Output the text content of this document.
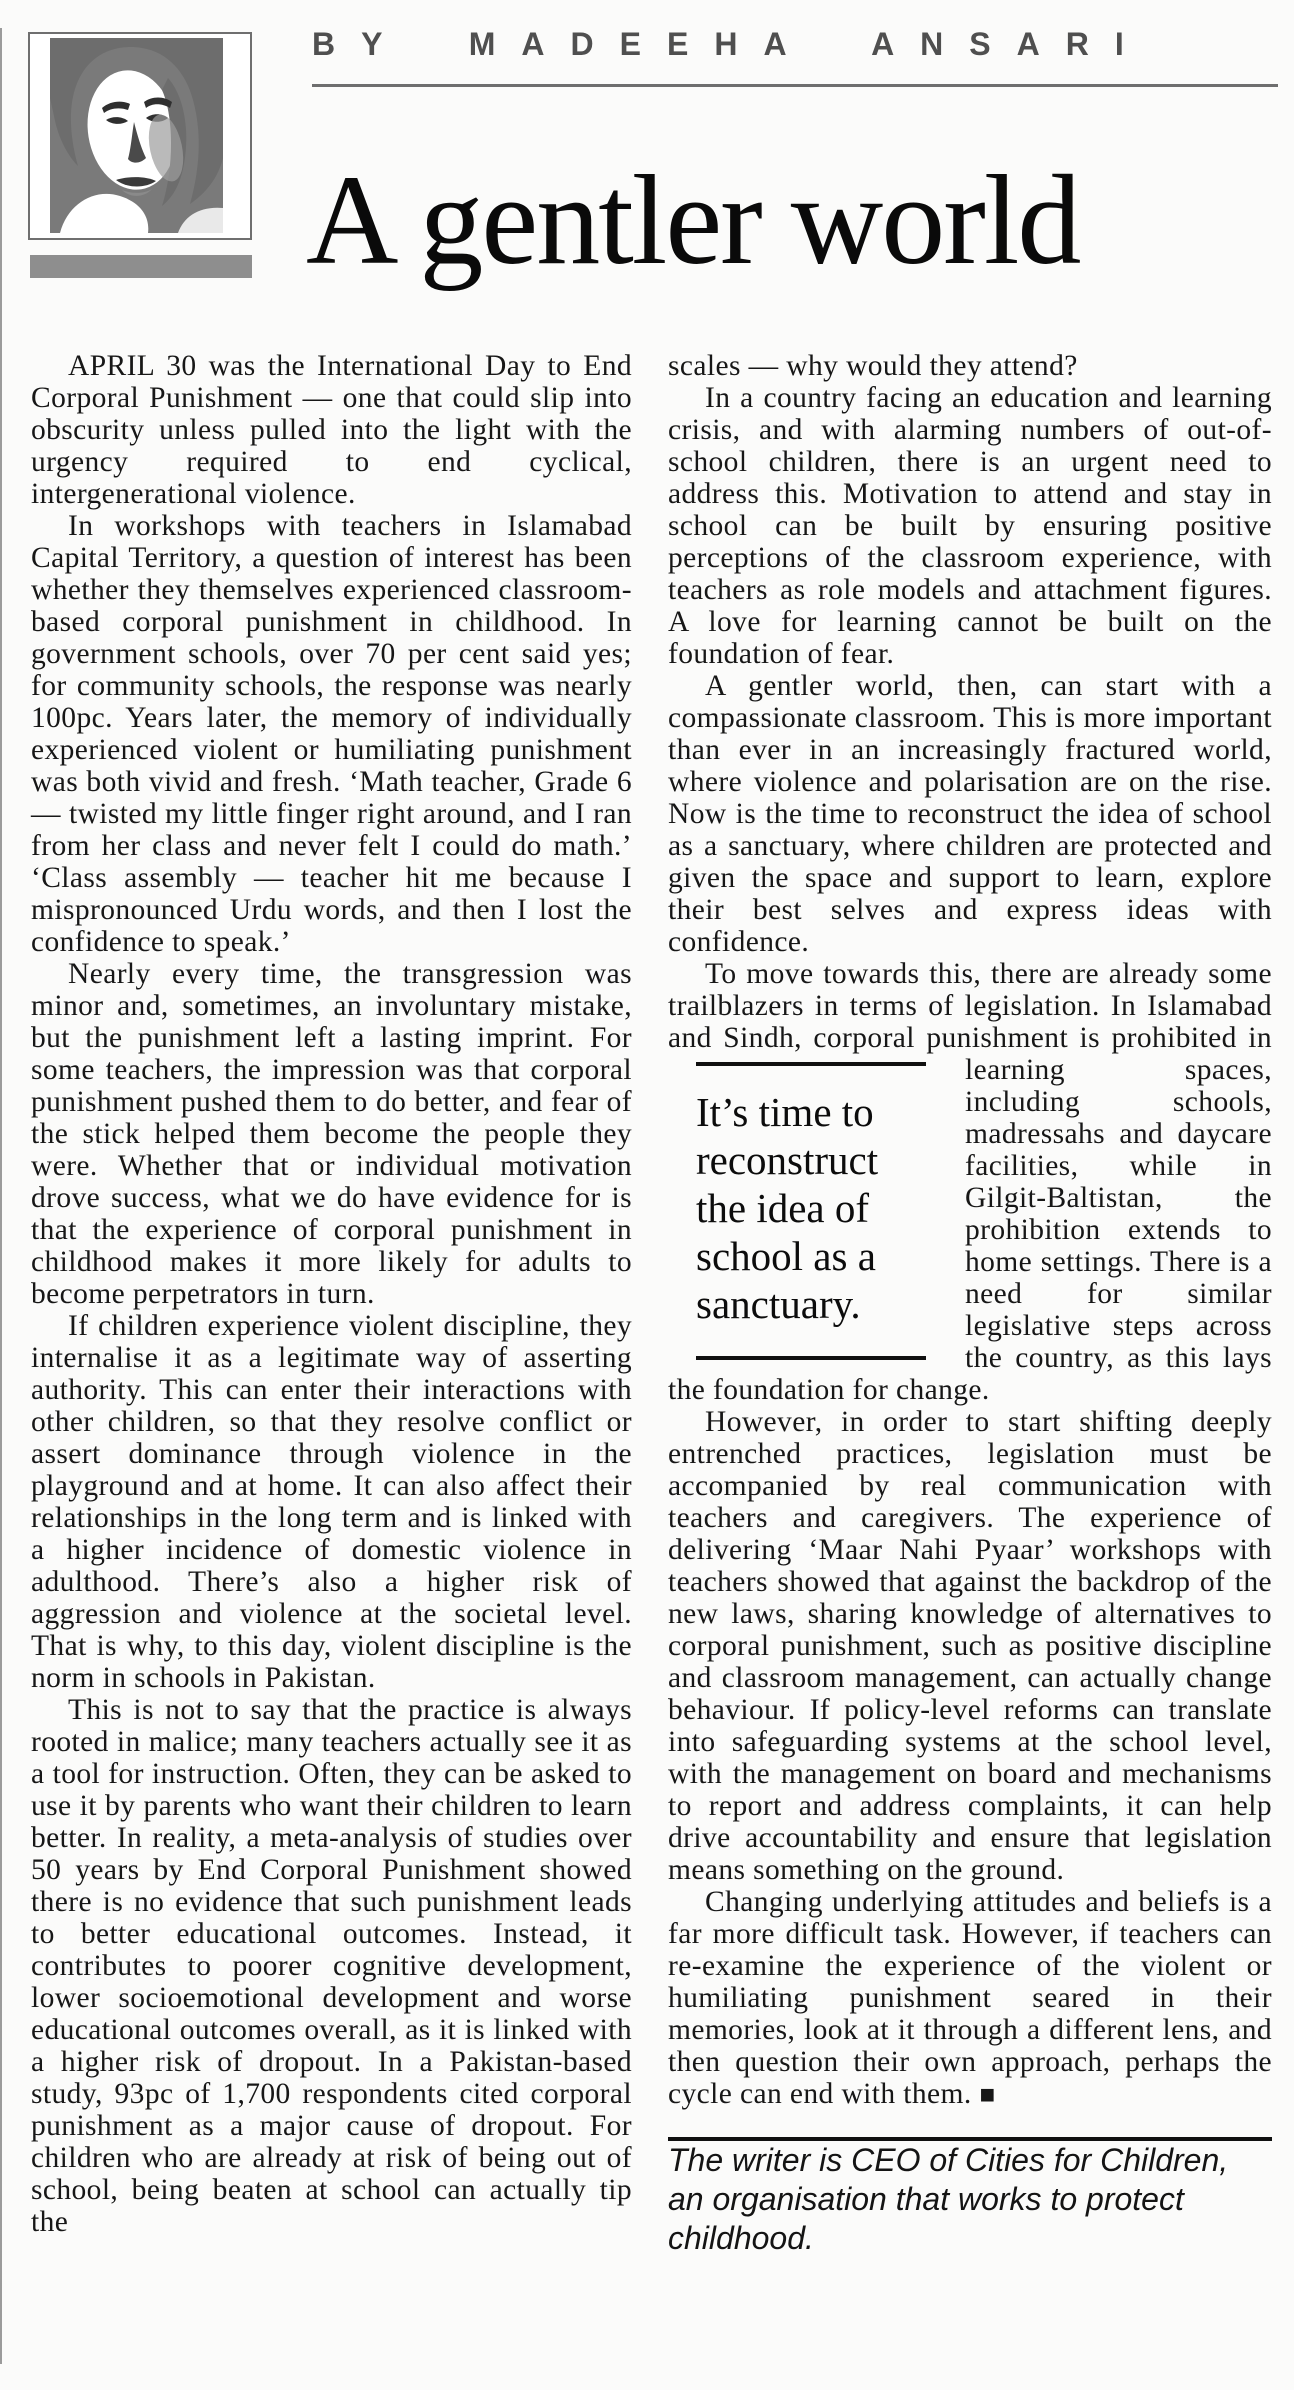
BY MADEEHA ANSARI
A gentler world

APRIL 30 was the International Day to End Corporal Punishment — one that could slip into obscurity unless pulled into the light with the urgency required to end cyclical, intergenerational violence.

In workshops with teachers in Islamabad Capital Territory, a question of interest has been whether they themselves experienced classroom-based corporal punishment in childhood. In government schools, over 70 per cent said yes; for community schools, the response was nearly 100pc. Years later, the memory of individually experienced violent or humiliating punishment was both vivid and fresh. ‘Math teacher, Grade 6 — twisted my little finger right around, and I ran from her class and never felt I could do math.’ ‘Class assembly — teacher hit me because I mispronounced Urdu words, and then I lost the confidence to speak.’

Nearly every time, the transgression was minor and, sometimes, an involuntary mistake, but the punishment left a lasting imprint. For some teachers, the impression was that corporal punishment pushed them to do better, and fear of the stick helped them become the people they were. Whether that or individual motivation drove success, what we do have evidence for is that the experience of corporal punishment in childhood makes it more likely for adults to become perpetrators in turn.

If children experience violent discipline, they internalise it as a legitimate way of asserting authority. This can enter their interactions with other children, so that they resolve conflict or assert dominance through violence in the playground and at home. It can also affect their relationships in the long term and is linked with a higher incidence of domestic violence in adulthood. There’s also a higher risk of aggression and violence at the societal level. That is why, to this day, violent discipline is the norm in schools in Pakistan.

This is not to say that the practice is always rooted in malice; many teachers actually see it as a tool for instruction. Often, they can be asked to use it by parents who want their children to learn better. In reality, a meta-analysis of studies over 50 years by End Corporal Punishment showed there is no evidence that such punishment leads to better educational outcomes. Instead, it contributes to poorer cognitive development, lower socioemotional development and worse educational outcomes overall, as it is linked with a higher risk of dropout. In a Pakistan-based study, 93pc of 1,700 respondents cited corporal punishment as a major cause of dropout. For children who are already at risk of being out of school, being beaten at school can actually tip the

scales — why would they attend?

In a country facing an education and learning crisis, and with alarming numbers of out-of-school children, there is an urgent need to address this. Motivation to attend and stay in school can be built by ensuring positive perceptions of the classroom experience, with teachers as role models and attachment figures. A love for learning cannot be built on the foundation of fear.

A gentler world, then, can start with a compassionate classroom. This is more important than ever in an increasingly fractured world, where violence and polarisation are on the rise. Now is the time to reconstruct the idea of school as a sanctuary, where children are protected and given the space and support to learn, explore their best selves and express ideas with confidence.

To move towards this, there are already some trailblazers in terms of legislation. In Islamabad and Sindh, corporal punishment is prohibited in learning spaces,
It’s time to reconstruct the idea of school as a sanctuary.
including schools, madressahs and daycare facilities, while in Gilgit-Baltistan, the prohibition extends to home settings. There is a need for similar legislative steps across the country, as this lays the foundation for change.

However, in order to start shifting deeply entrenched practices, legislation must be accompanied by real communication with teachers and caregivers. The experience of delivering ‘Maar Nahi Pyaar’ workshops with teachers showed that against the backdrop of the new laws, sharing knowledge of alternatives to corporal punishment, such as positive discipline and classroom management, can actually change behaviour. If policy-level reforms can translate into safeguarding systems at the school level, with the management on board and mechanisms to report and address complaints, it can help drive accountability and ensure that legislation means something on the ground.

Changing underlying attitudes and beliefs is a far more difficult task. However, if teachers can re-examine the experience of the violent or humiliating punishment seared in their memories, look at it through a different lens, and then question their own approach, perhaps the cycle can end with them. ■

The writer is CEO of Cities for Children, an organisation that works to protect childhood.
